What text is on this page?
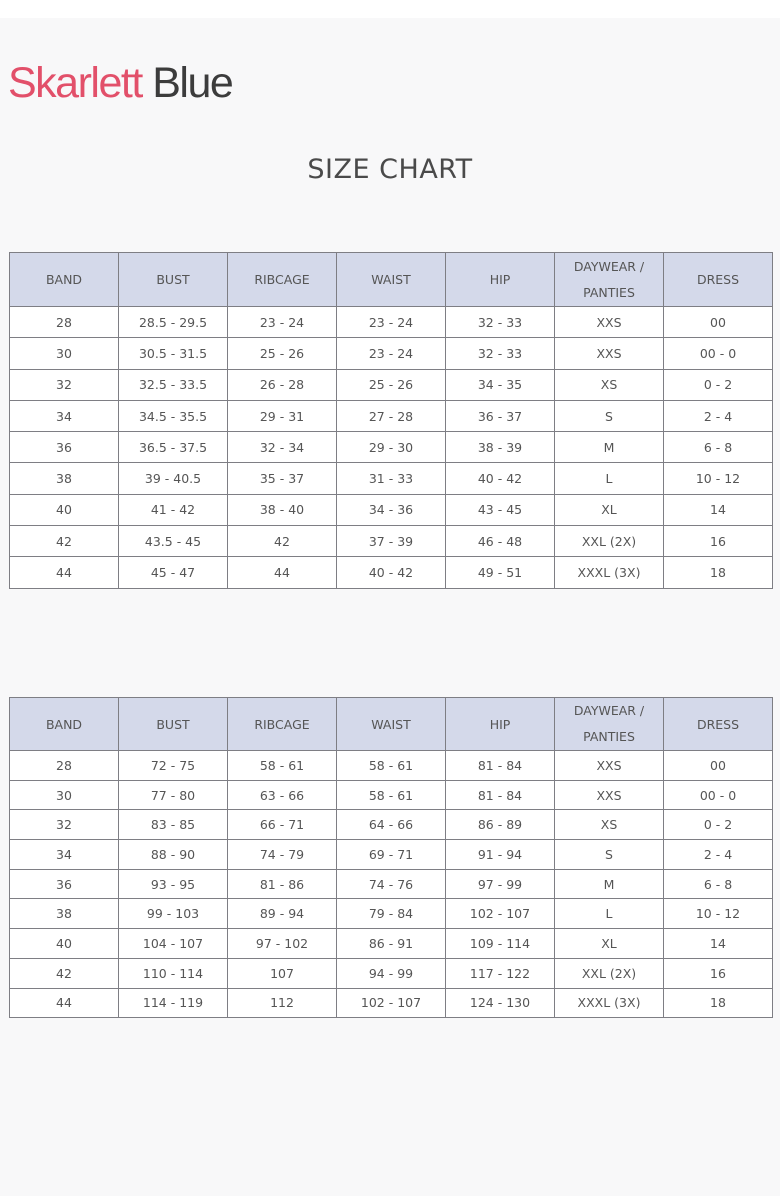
Skarlett Blue
SIZE CHART
BAND	BUST	RIBCAGE	WAIST	HIP	DAYWEAR / PANTIES	DRESS
28	28.5 - 29.5	23 - 24	23 - 24	32 - 33	XXS	00
30	30.5 - 31.5	25 - 26	23 - 24	32 - 33	XXS	00 - 0
32	32.5 - 33.5	26 - 28	25 - 26	34 - 35	XS	0 - 2
34	34.5 - 35.5	29 - 31	27 - 28	36 - 37	S	2 - 4
36	36.5 - 37.5	32 - 34	29 - 30	38 - 39	M	6 - 8
38	39 - 40.5	35 - 37	31 - 33	40 - 42	L	10 - 12
40	41 - 42	38 - 40	34 - 36	43 - 45	XL	14
42	43.5 - 45	42	37 - 39	46 - 48	XXL (2X)	16
44	45 - 47	44	40 - 42	49 - 51	XXXL (3X)	18
BAND	BUST	RIBCAGE	WAIST	HIP	DAYWEAR / PANTIES	DRESS
28	72 - 75	58 - 61	58 - 61	81 - 84	XXS	00
30	77 - 80	63 - 66	58 - 61	81 - 84	XXS	00 - 0
32	83 - 85	66 - 71	64 - 66	86 - 89	XS	0 - 2
34	88 - 90	74 - 79	69 - 71	91 - 94	S	2 - 4
36	93 - 95	81 - 86	74 - 76	97 - 99	M	6 - 8
38	99 - 103	89 - 94	79 - 84	102 - 107	L	10 - 12
40	104 - 107	97 - 102	86 - 91	109 - 114	XL	14
42	110 - 114	107	94 - 99	117 - 122	XXL (2X)	16
44	114 - 119	112	102 - 107	124 - 130	XXXL (3X)	18
